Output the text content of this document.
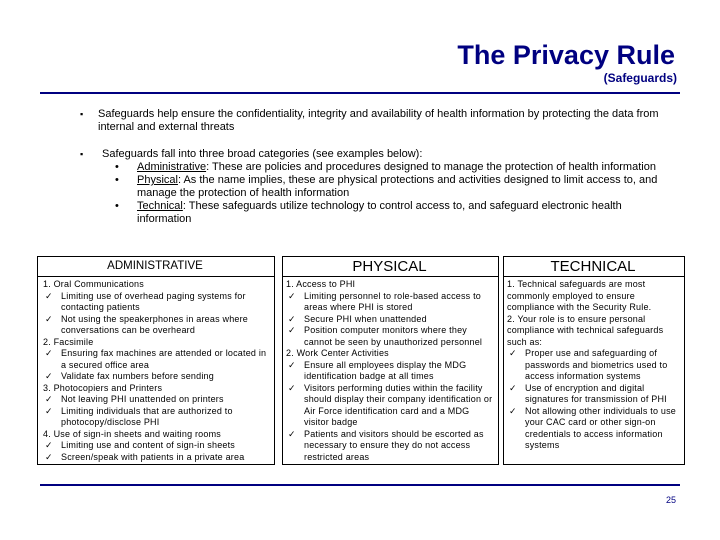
The Privacy Rule
(Safeguards)
▪ Safeguards help ensure the confidentiality, integrity and availability of health information by protecting the data from internal and external threats
▪ Safeguards fall into three broad categories (see examples below):
• Administrative: These are policies and procedures designed to manage the protection of health information
• Physical: As the name implies, these are physical protections and activities designed to limit access to, and manage the protection of health information
• Technical: These safeguards utilize technology to control access to, and safeguard electronic health information
ADMINISTRATIVE	PHYSICAL	TECHNICAL
1. Oral Communications
✓ Limiting use of overhead paging systems for contacting patients
✓ Not using the speakerphones in areas where conversations can be overheard
2. Facsimile
✓ Ensuring fax machines are attended or located in a secured office area
✓ Validate fax numbers before sending
3. Photocopiers and Printers
✓ Not leaving PHI unattended on printers
✓ Limiting individuals that are authorized to photocopy/disclose PHI
4. Use of sign-in sheets and waiting rooms
✓ Limiting use and content of sign-in sheets
✓ Screen/speak with patients in a private area
1. Access to PHI
✓ Limiting personnel to role-based access to areas where PHI is stored
✓ Secure PHI when unattended
✓ Position computer monitors where they cannot be seen by unauthorized personnel
2. Work Center Activities
✓ Ensure all employees display the MDG identification badge at all times
✓ Visitors performing duties within the facility should display their company identification or Air Force identification card and a MDG visitor badge
✓ Patients and visitors should be escorted as necessary to ensure they do not access restricted areas
1. Technical safeguards are most commonly employed to ensure compliance with the Security Rule.
2. Your role is to ensure personal compliance with technical safeguards such as:
✓ Proper use and safeguarding of passwords and biometrics used to access information systems
✓ Use of encryption and digital signatures for transmission of PHI
✓ Not allowing other individuals to use your CAC card or other sign-on credentials to access information systems
25
